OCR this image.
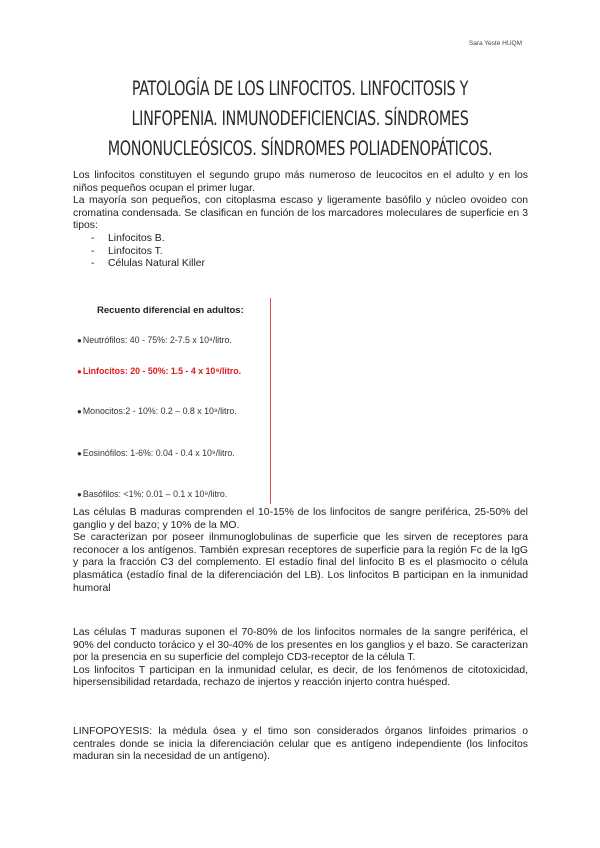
Sara Yeste HUQM
PATOLOGÍA DE LOS LINFOCITOS. LINFOCITOSIS Y LINFOPENIA. INMUNODEFICIENCIAS. SÍNDROMES MONONUCLEÓSICOS. SÍNDROMES POLIADENOPÁTICOS.

Los linfocitos constituyen el segundo grupo más numeroso de leucocitos en el adulto y en los niños pequeños ocupan el primer lugar.

La mayoría son pequeños, con citoplasma escaso y ligeramente basófilo y núcleo ovoideo con cromatina condensada. Se clasifican en función de los marcadores moleculares de superficie en 3 tipos:

- Linfocitos B.
- Linfocitos T.
- Células Natural Killer
Recuento diferencial en adultos:
●Neutrófilos: 40 - 75%: 2-7.5 x 10⁹/litro.
●Linfocitos: 20 - 50%: 1.5 - 4 x 10⁹/litro.
●Monocitos:2 - 10%: 0.2 – 0.8 x 10⁹/litro.
●Eosinófilos: 1-6%: 0.04 - 0.4 x 10⁹/litro.
●Basófilos: <1%: 0.01 – 0.1 x 10⁹/litro.

Las células B maduras comprenden el 10-15% de los linfocitos de sangre periférica, 25-50% del ganglio y del bazo; y 10% de la MO.

Se caracterizan por poseer ilnmunoglobulinas de superficie que les sirven de receptores para reconocer a los antígenos. También expresan receptores de superficie para la región Fc de la IgG y para la fracción C3 del complemento. El estadío final del linfocito B es el plasmocito o célula plasmática (estadío final de la diferenciación del LB). Los linfocitos B participan en la inmunidad humoral

Las células T maduras suponen el 70-80% de los linfocitos normales de la sangre periférica, el 90% del conducto torácico y el 30-40% de los presentes en los ganglios y el bazo. Se caracterizan por la presencia en su superficie del complejo CD3-receptor de la célula T.

Los linfocitos T participan en la inmunidad celular, es decir, de los fenómenos de citotoxicidad, hipersensibilidad retardada, rechazo de injertos y reacción injerto contra huésped.

LINFOPOYESIS: la médula ósea y el timo son considerados órganos linfoides primarios o centrales donde se inicia la diferenciación celular que es antígeno independiente (los linfocitos maduran sin la necesidad de un antígeno).
